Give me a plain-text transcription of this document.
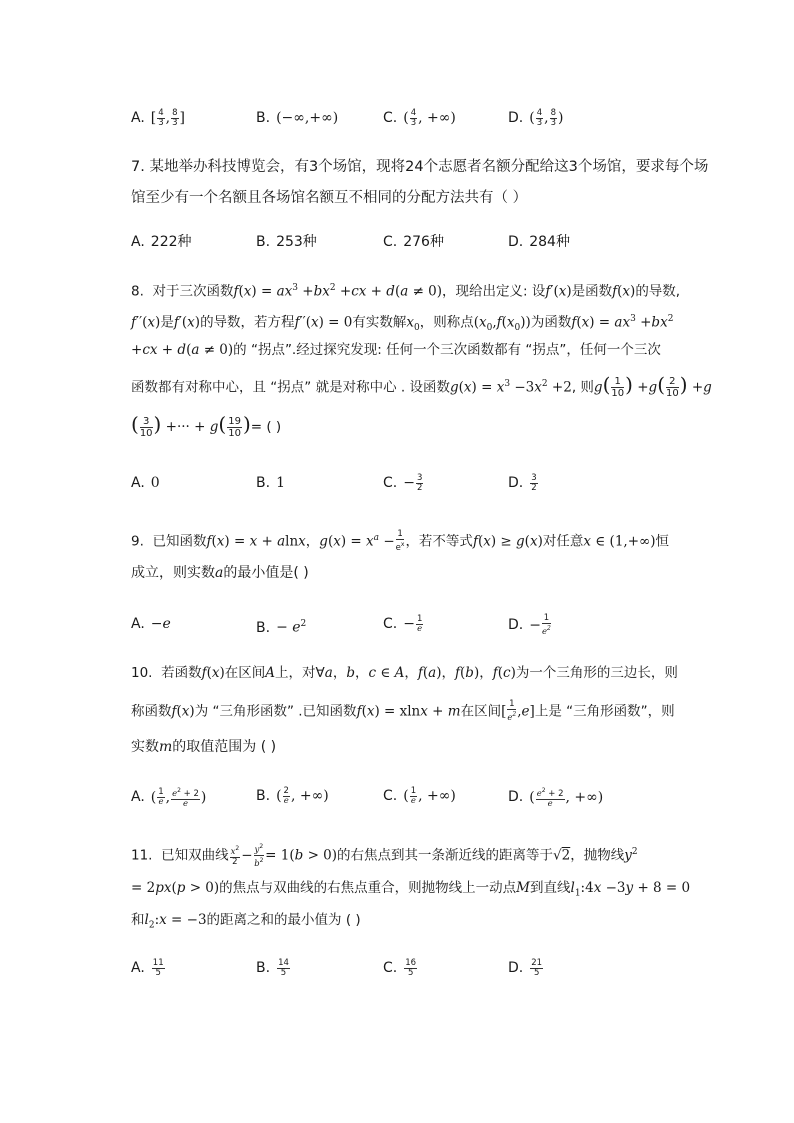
A. [ $\frac{4}{3}$ , $\frac{8}{3}$ ]	B. (−∞,+∞)	C. ( $\frac{4}{3}$ , +∞)	D. ( $\frac{4}{3}$ , $\frac{8}{3}$ )
7. 某地举办科技博览会，有3个场馆，现将24个志愿者名额分配给这3个场馆，要求每个场
馆至少有一个名额且各场馆名额互不相同的分配方法共有（ ）
A. 222种	B. 253种	C. 276种	D. 284种
8. 对于三次函数$f(x) = ax^3 +bx^2 +cx + d(a \ne 0)$，现给出定义: 设f′(x)是函数f(x)的导数,
f′′(x)是f′(x)的导数，若方程f′′(x) = 0有实数解$x_0$，则称点$(x_0,f(x_0))$为函数$f(x) = ax^3 +bx^2$
+cx + d(a ≠ 0)的 “拐点”.经过探究发现: 任何一个三次函数都有 “拐点”，任何一个三次
函数都有对称中心，且 “拐点” 就是对称中心 . 设函数$g(x) = x^3 -3x^2 +2$, 则$g( \frac{1}{10}$ ) $+g( \frac{2}{10}$ ) +g
( $\frac{3}{10}$ ) +··· + $g( \frac{19}{10}$ )= ( )
A. 0	B. 1	C. − $\frac{3}{2}$	D. $\frac{3}{2}$
9. 已知函数f(x) = x + alnx，$g(x) = x^a - \frac{1}{e^x}$ ，若不等式f(x) ≥ g(x)对任意x ∈ (1,+∞)恒
成立，则实数a的最小值是( )
A. −e	B. − $e^2$	C. − $\frac{1}{e}$	D. − $\frac{1}{e^2}$
10. 若函数f(x)在区间A上，对∀a，b，c ∈ A，f(a)，f(b)，f(c)为一个三角形的三边长，则
称函数f(x)为 “三角形函数” .已知函数f(x) = xlnx + m在区间[ $\frac{1}{e^2} ,e$]上是 “三角形函数”，则
实数m的取值范围为 ( )
A. ( $\frac{1}{e}$ , $\frac{e^2 + 2}{e}$ )	B. ( $\frac{2}{e}$ , +∞)	C. ( $\frac{1}{e}$ , +∞)	D. ( $\frac{e^2 + 2}{e}$ , +∞)
11. 已知双曲线 $\frac{x^2}{2} - \frac{y^2}{b^2} = 1(b > 0)$的右焦点到其一条渐近线的距离等于√2，抛物线$y^2$
= 2px(p > 0)的焦点与双曲线的右焦点重合，则抛物线上一动点M到直线$l_1:4x -3y + 8 = 0$
和$l_2:x = -3$的距离之和的最小值为 ( )
A. $\frac{11}{5}$	B. $\frac{14}{5}$	C. $\frac{16}{5}$	D. $\frac{21}{5}$
